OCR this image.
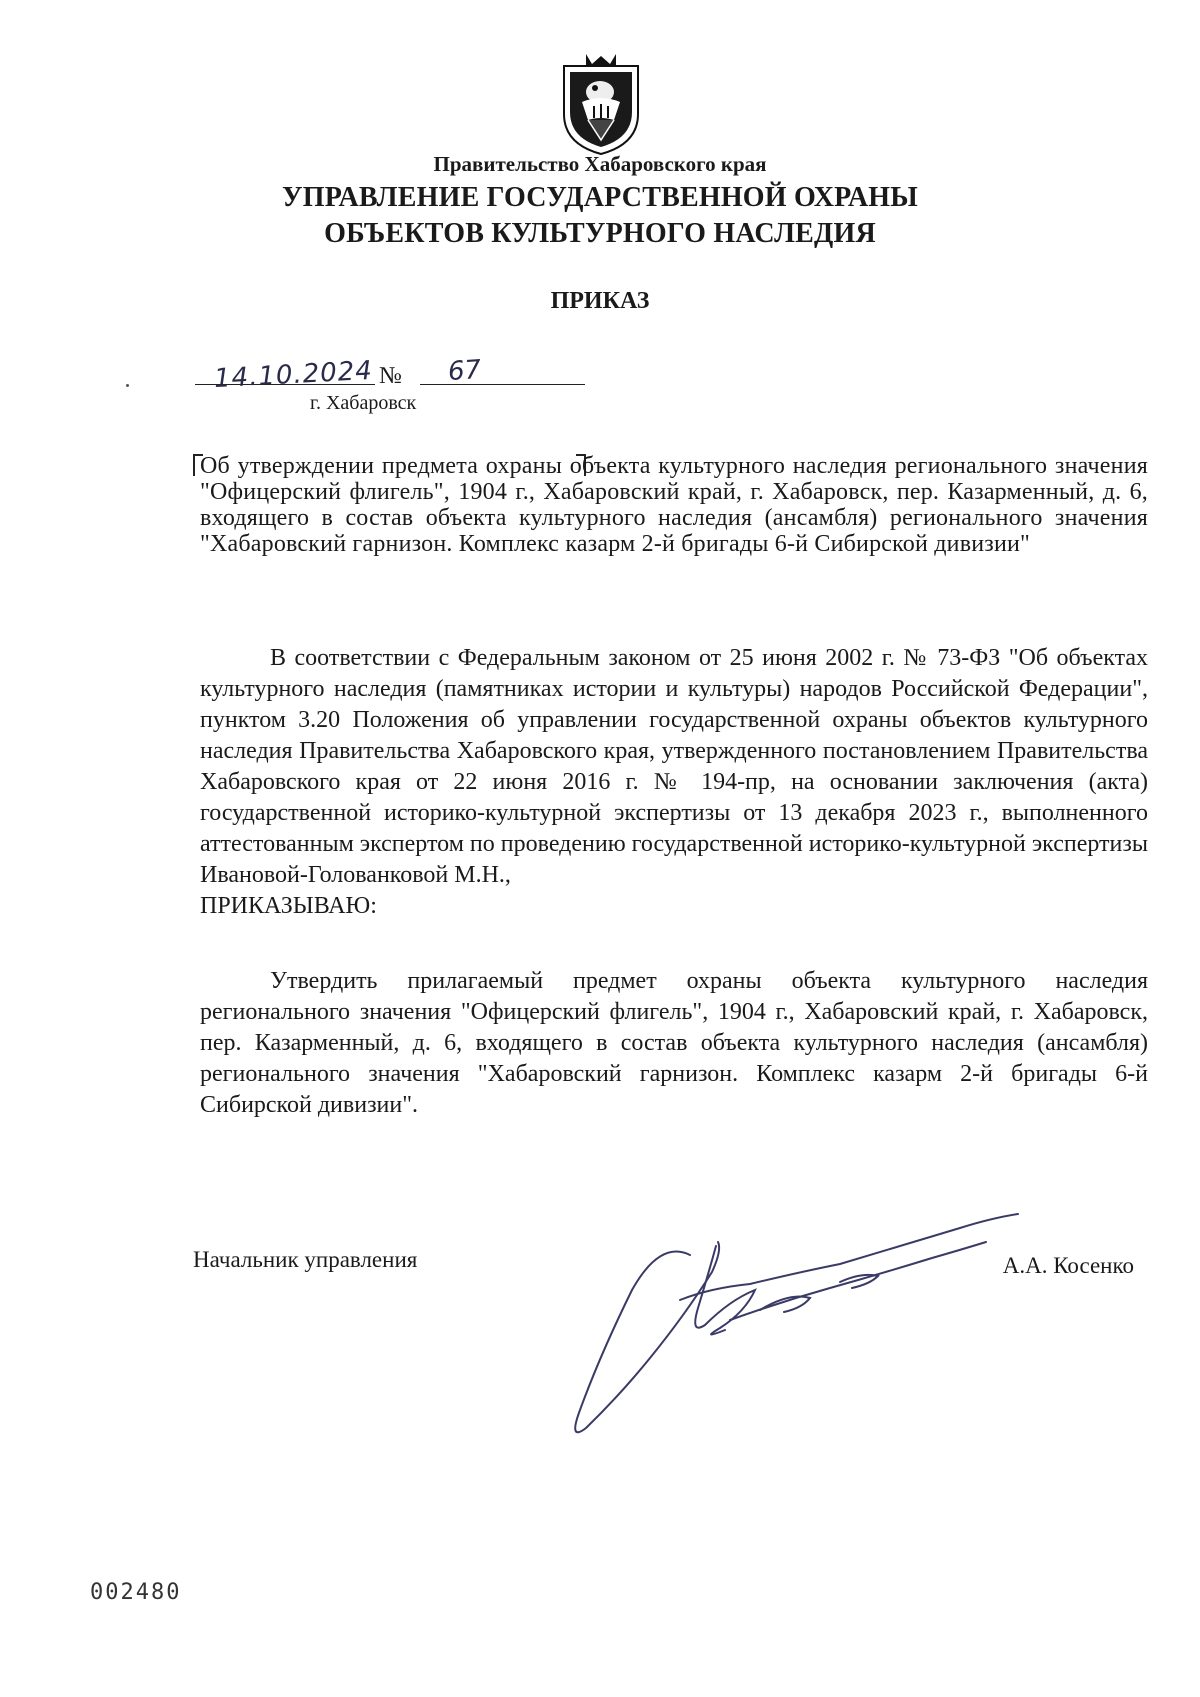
Правительство Хабаровского края
УПРАВЛЕНИЕ ГОСУДАРСТВЕННОЙ ОХРАНЫ
ОБЪЕКТОВ КУЛЬТУРНОГО НАСЛЕДИЯ
ПРИКАЗ
14.10.2024 № 67
г. Хабаровск
Об утверждении предмета охраны объекта культурного наследия регионального значения "Офицерский флигель", 1904 г., Хабаровский край, г. Хабаровск, пер. Казарменный, д. 6, входящего в состав объекта культурного наследия (ансамбля) регионального значения "Хабаровский гарнизон. Комплекс казарм 2-й бригады 6-й Сибирской дивизии"

В соответствии с Федеральным законом от 25 июня 2002 г. № 73-ФЗ "Об объектах культурного наследия (памятниках истории и культуры) народов Российской Федерации", пунктом 3.20 Положения об управлении государственной охраны объектов культурного наследия Правительства Хабаровского края, утвержденного постановлением Правительства Хабаровского края от 22 июня 2016 г. № 194-пр, на основании заключения (акта) государственной историко-культурной экспертизы от 13 декабря 2023 г., выполненного аттестованным экспертом по проведению государственной историко-культурной экспертизы Ивановой-Голованковой М.Н.,

ПРИКАЗЫВАЮ:

Утвердить прилагаемый предмет охраны объекта культурного наследия регионального значения "Офицерский флигель", 1904 г., Хабаровский край, г. Хабаровск, пер. Казарменный, д. 6, входящего в состав объекта культурного наследия (ансамбля) регионального значения "Хабаровский гарнизон. Комплекс казарм 2-й бригады 6-й Сибирской дивизии".
Начальник управления	А.А. Косенко
002480
